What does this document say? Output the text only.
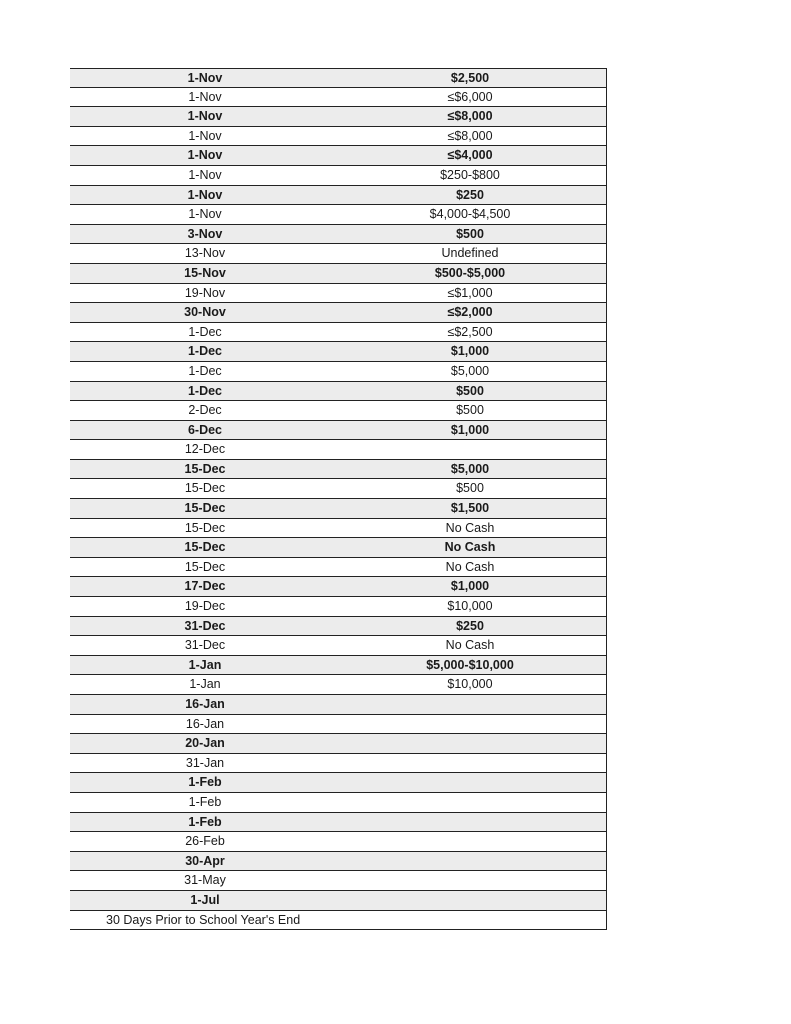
1-Nov	$2,500
1-Nov	≤$6,000
1-Nov	≤$8,000
1-Nov	≤$8,000
1-Nov	≤$4,000
1-Nov	$250-$800
1-Nov	$250
1-Nov	$4,000-$4,500
3-Nov	$500
13-Nov	Undefined
15-Nov	$500-$5,000
19-Nov	≤$1,000
30-Nov	≤$2,000
1-Dec	≤$2,500
1-Dec	$1,000
1-Dec	$5,000
1-Dec	$500
2-Dec	$500
6-Dec	$1,000
12-Dec
15-Dec	$5,000
15-Dec	$500
15-Dec	$1,500
15-Dec	No Cash
15-Dec	No Cash
15-Dec	No Cash
17-Dec	$1,000
19-Dec	$10,000
31-Dec	$250
31-Dec	No Cash
1-Jan	$5,000-$10,000
1-Jan	$10,000
16-Jan
16-Jan
20-Jan
31-Jan
1-Feb
1-Feb
1-Feb
26-Feb
30-Apr
31-May
1-Jul
30 Days Prior to School Year's End
